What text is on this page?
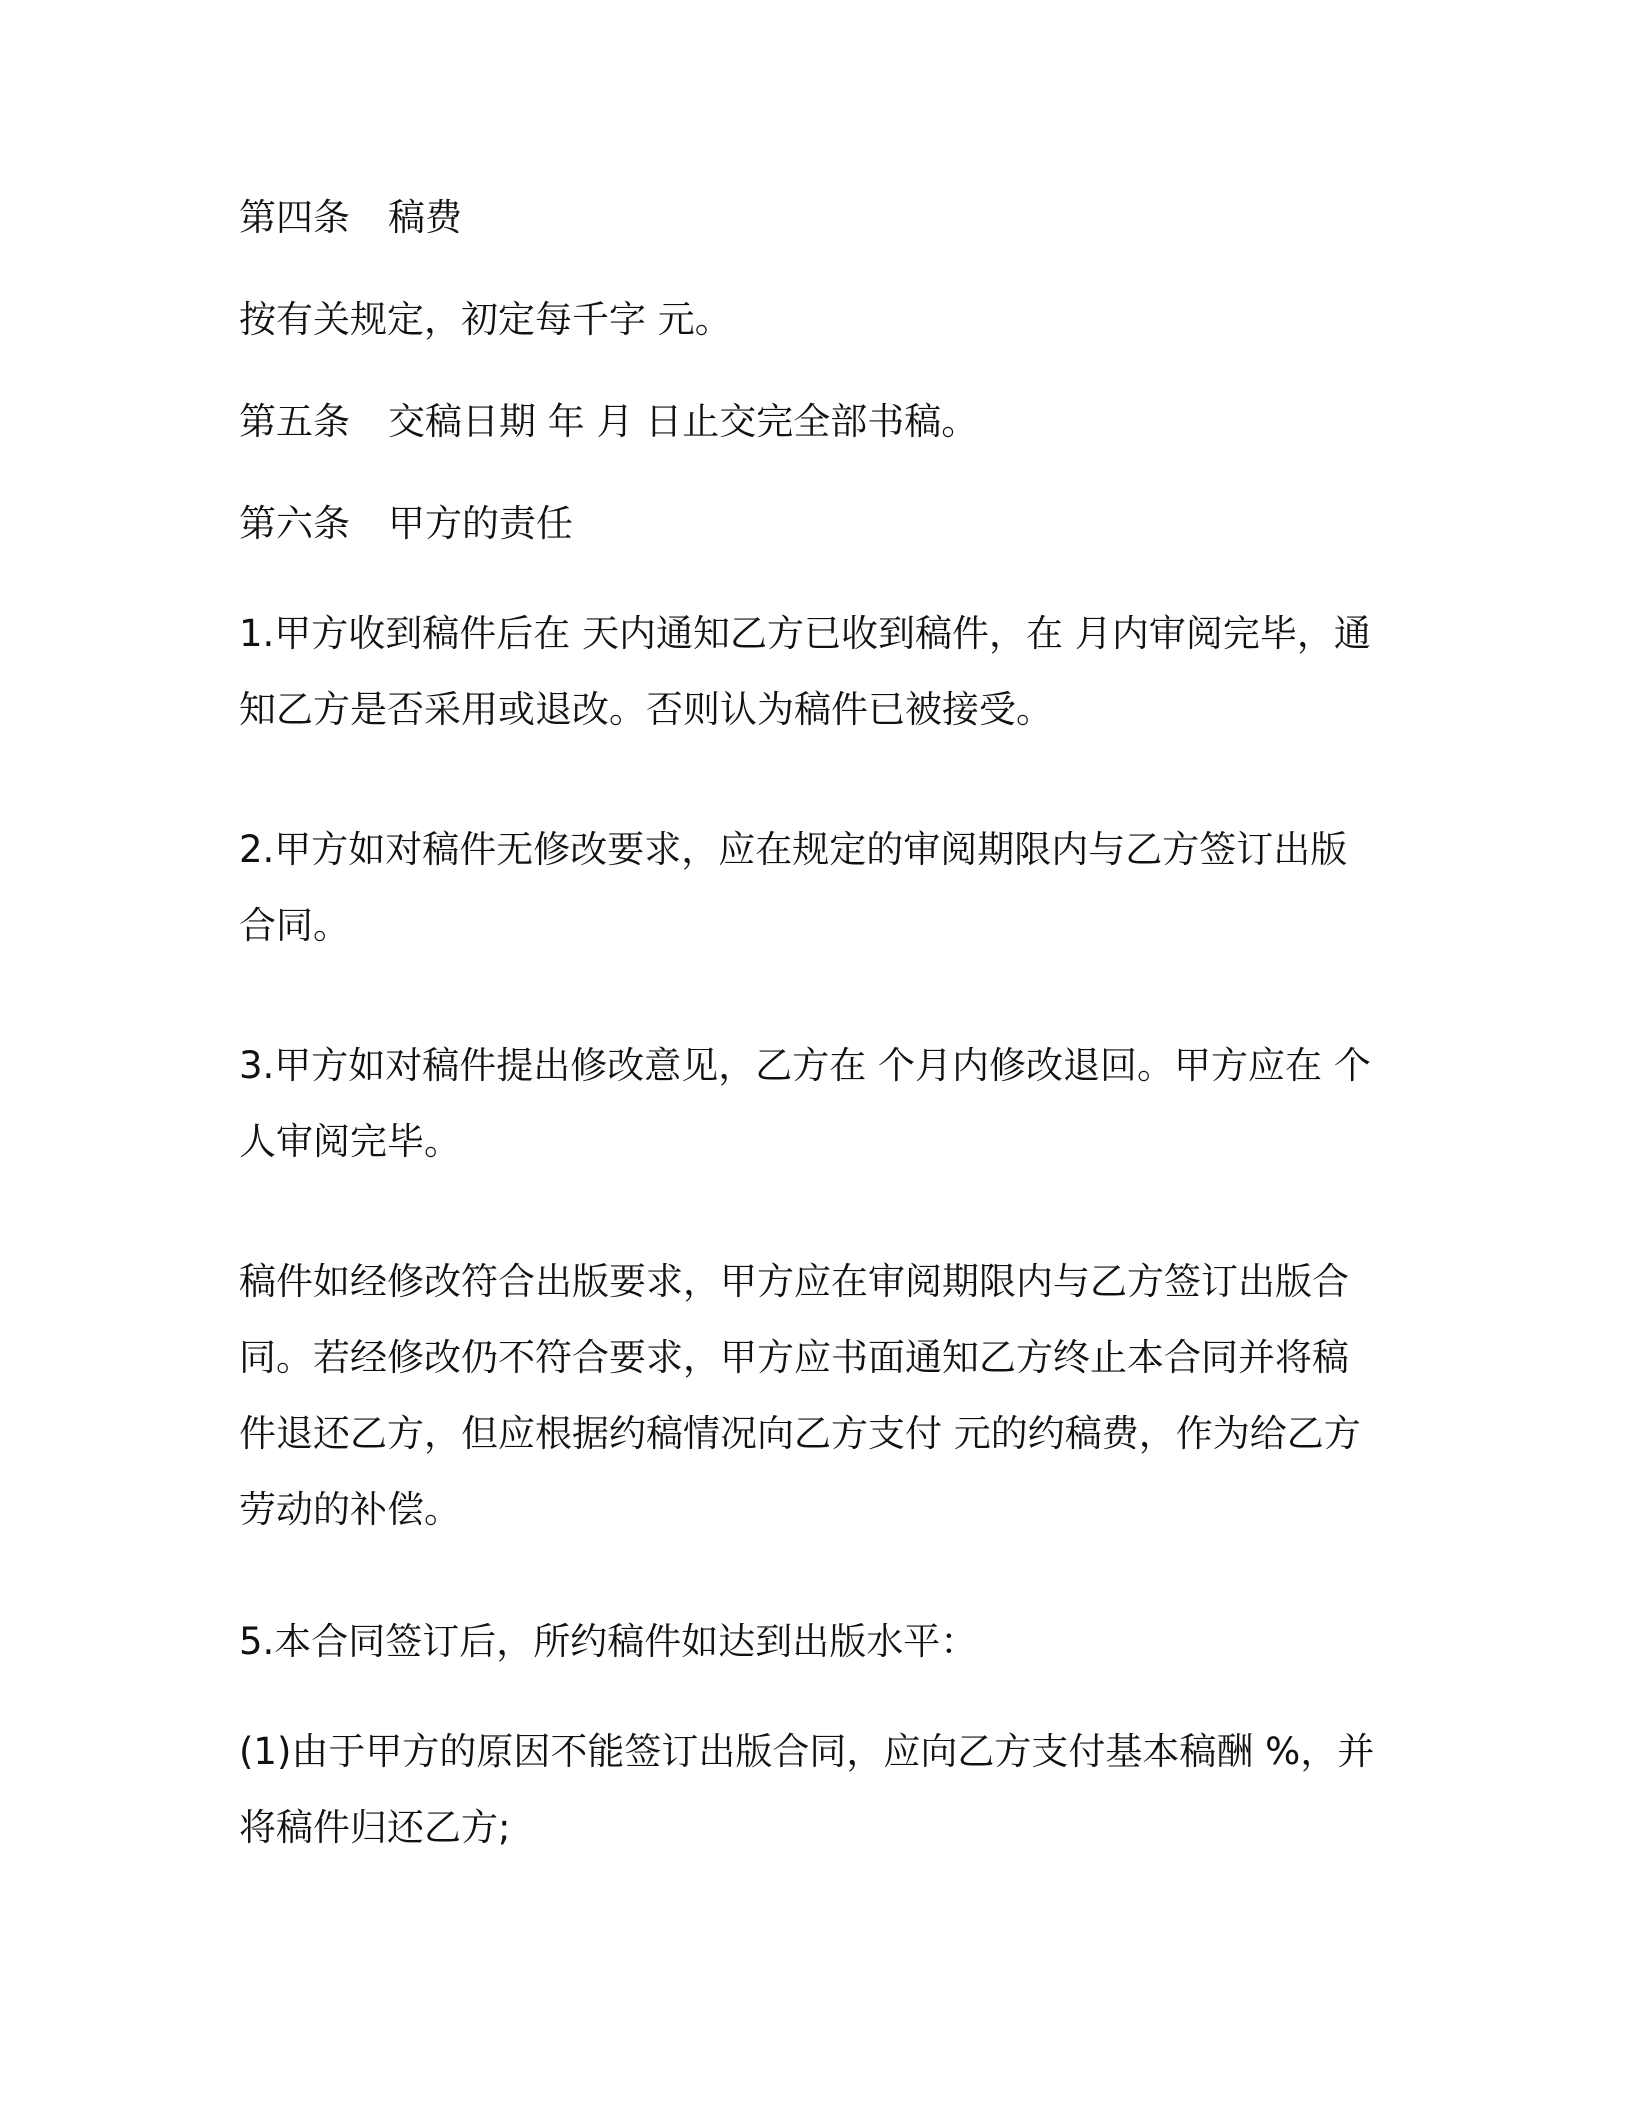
第四条 稿费

按有关规定，初定每千字 元。

第五条 交稿日期 年 月 日止交完全部书稿。

第六条 甲方的责任

1.甲方收到稿件后在 天内通知乙方已收到稿件，在 月内审阅完毕，通
知乙方是否采用或退改。否则认为稿件已被接受。

2.甲方如对稿件无修改要求，应在规定的审阅期限内与乙方签订出版
合同。

3.甲方如对稿件提出修改意见，乙方在 个月内修改退回。甲方应在 个
人审阅完毕。

稿件如经修改符合出版要求，甲方应在审阅期限内与乙方签订出版合
同。若经修改仍不符合要求，甲方应书面通知乙方终止本合同并将稿
件退还乙方，但应根据约稿情况向乙方支付 元的约稿费，作为给乙方
劳动的补偿。

5.本合同签订后，所约稿件如达到出版水平：

(1)由于甲方的原因不能签订出版合同，应向乙方支付基本稿酬 %，并
将稿件归还乙方;
